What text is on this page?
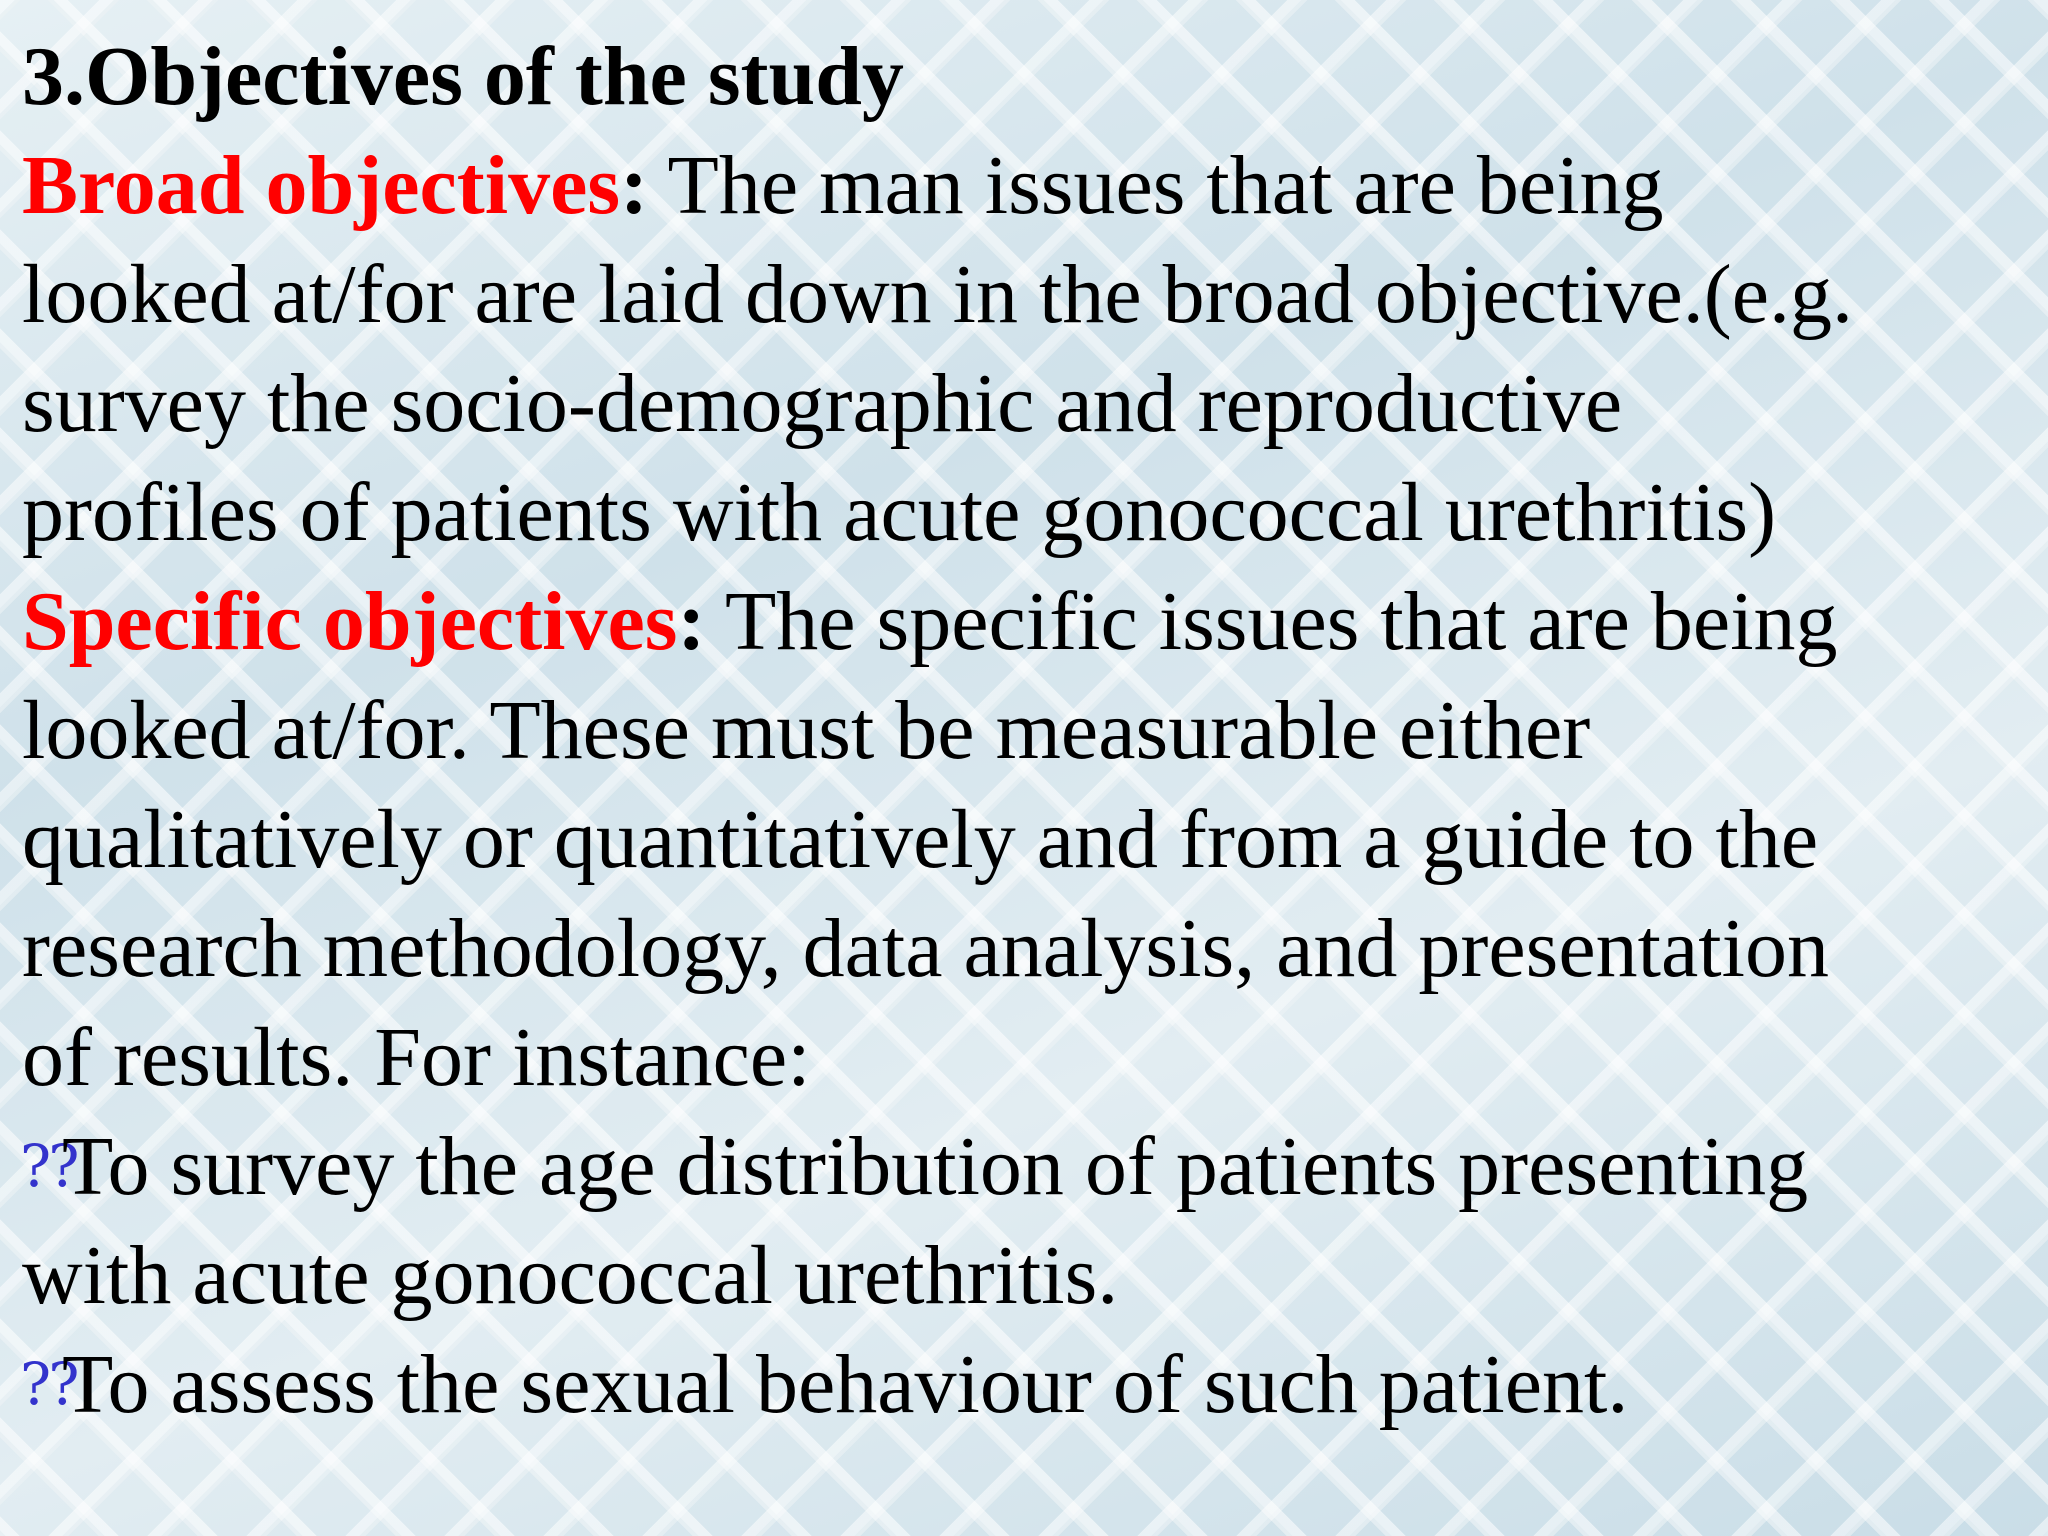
3.Objectives of the study
Broad objectives: The man issues that are being
looked at/for are laid down in the broad objective.(e.g.
survey the socio-demographic and reproductive
profiles of patients with acute gonococcal urethritis)
Specific objectives: The specific issues that are being
looked at/for. These must be measurable either
qualitatively or quantitatively and from a guide to the
research methodology, data analysis, and presentation
of results. For instance:
⁇To survey the age distribution of patients presenting
with acute gonococcal urethritis.
⁇To assess the sexual behaviour of such patient.
